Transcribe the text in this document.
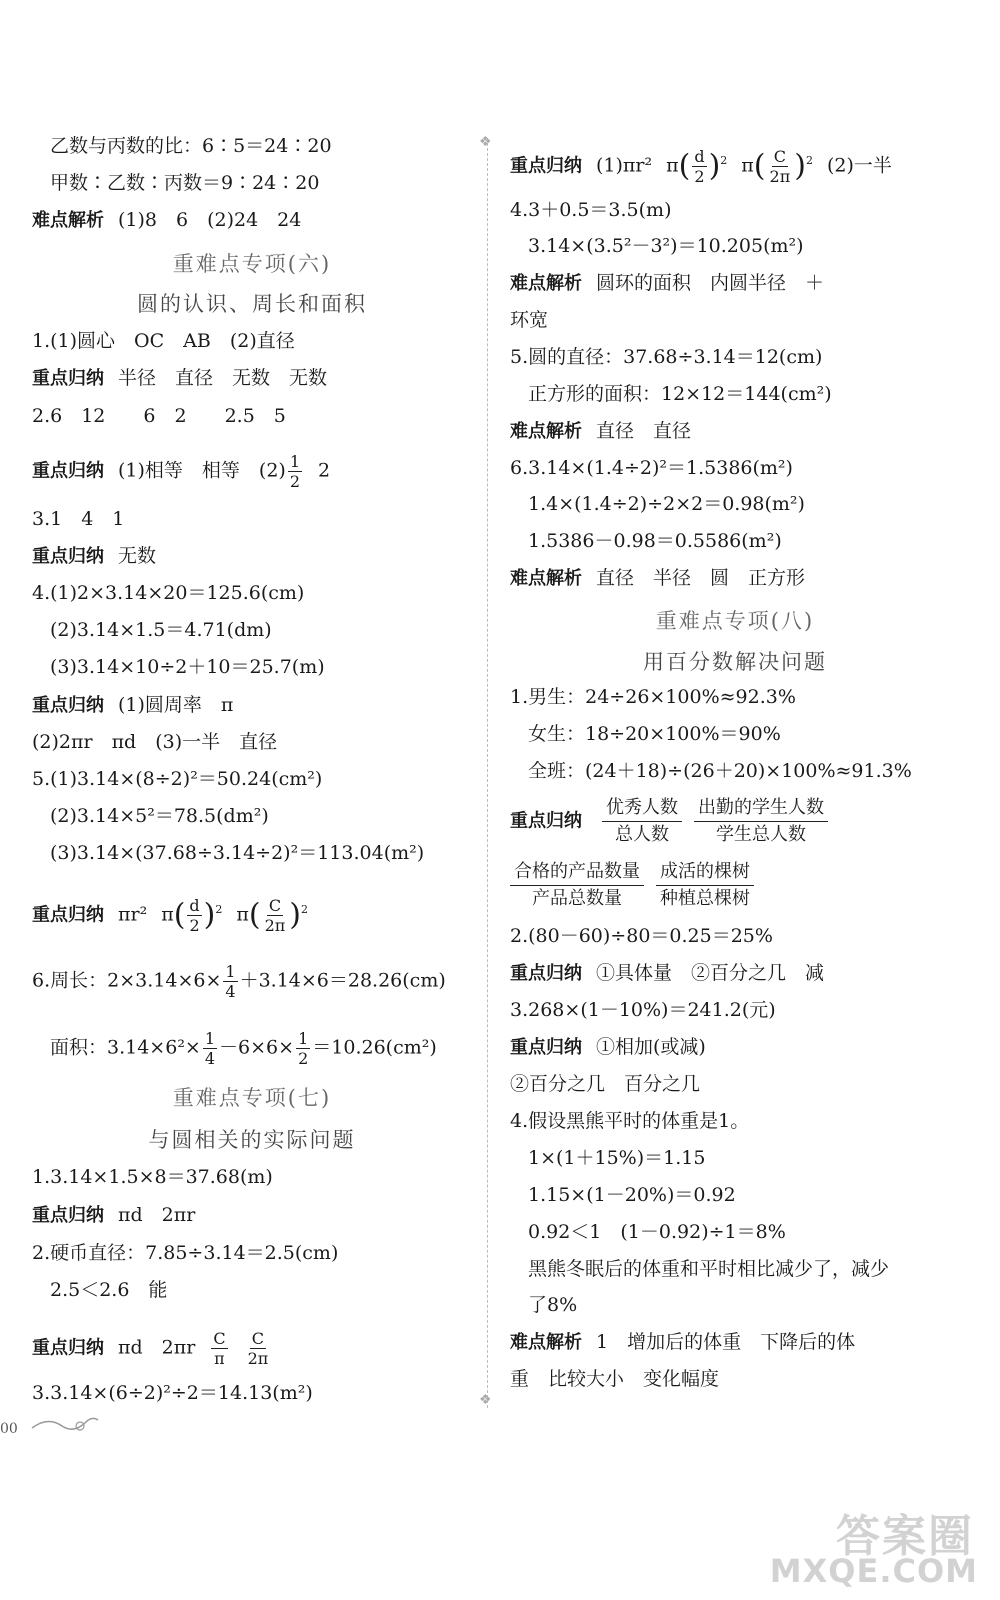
乙数与丙数的比：6∶5＝24∶20
甲数∶乙数∶丙数＝9∶24∶20
难点解析 (1)8　6　(2)24　24
重难点专项(六)
圆的认识、周长和面积
1.(1)圆心　OC　AB　(2)直径
重点归纳 半径　直径　无数　无数
2.6　12　　6　2　　2.5　5
重点归纳 (1)相等　相等　$(2) \frac{1}{2} 2$
3.1　4　1
重点归纳 无数
4.(1)2×3.14×20＝125.6(cm)
(2)3.14×1.5＝4.71(dm)
(3)3.14×10÷2＋10＝25.7(m)
重点归纳 (1)圆周率　π
(2)2πr　πd　(3)一半　直径
5.(1)3.14×(8÷2)²＝50.24(cm²)
(2)3.14×5²＝78.5(dm²)
(3)3.14×(37.68÷3.14÷2)²＝113.04(m²)
重点归纳 πr² $\pi( \frac{d}{2} )^2$ $\pi( \frac{C}{2\pi} )^2$
6.周长：$2\times 3.14\times 6\times \frac{1}{4} +3.14\times 6=28.26(cm)$
面积：$3.14\times 6^2\times \frac{1}{4} -6\times 6\times \frac{1}{2} =10.26(cm^2)$
重难点专项(七)
与圆相关的实际问题
1.3.14×1.5×8＝37.68(m)
重点归纳 πd　2πr
2.硬币直径：7.85÷3.14＝2.5(cm)
2.5＜2.6　能
重点归纳 πd　$2\pi r \frac{C}{\pi} \frac{C}{2\pi}$
3.3.14×(6÷2)²÷2＝14.13(m²)
❖
❖
重点归纳 (1)πr² $\pi( \frac{d}{2} )^2$ $\pi( \frac{C}{2\pi} )^2$ (2)一半
4.3＋0.5＝3.5(m)
3.14×(3.5²－3²)＝10.205(m²)
难点解析 圆环的面积　内圆半径　＋
环宽
5.圆的直径：37.68÷3.14＝12(cm)
正方形的面积：12×12＝144(cm²)
难点解析 直径　直径
6.3.14×(1.4÷2)²＝1.5386(m²)
1.4×(1.4÷2)÷2×2＝0.98(m²)
1.5386－0.98＝0.5586(m²)
难点解析 直径　半径　圆　正方形
重难点专项(八)
用百分数解决问题
1.男生：24÷26×100%≈92.3%
女生：18÷20×100%＝90%
全班：(24＋18)÷(26＋20)×100%≈91.3%
重点归纳 $\frac{\text{优秀人数}}{\text{总人数}} \frac{\text{出勤的学生人数}}{\text{学生总人数}}$
$\frac{\text{合格的产品数量}}{\text{产品总数量}} \frac{\text{成活的棵树}}{\text{种植总棵树}}$
2.(80－60)÷80＝0.25＝25%
重点归纳 ①具体量　②百分之几　减
3.268×(1－10%)＝241.2(元)
重点归纳 ①相加(或减)
②百分之几　百分之几
4.假设黑熊平时的体重是1。
1×(1＋15%)＝1.15
1.15×(1－20%)＝0.92
0.92＜1　(1－0.92)÷1＝8%
黑熊冬眠后的体重和平时相比减少了，减少
了8%
难点解析 1　增加后的体重　下降后的体
重　比较大小　变化幅度
00
答案圈
MXQE.COM
